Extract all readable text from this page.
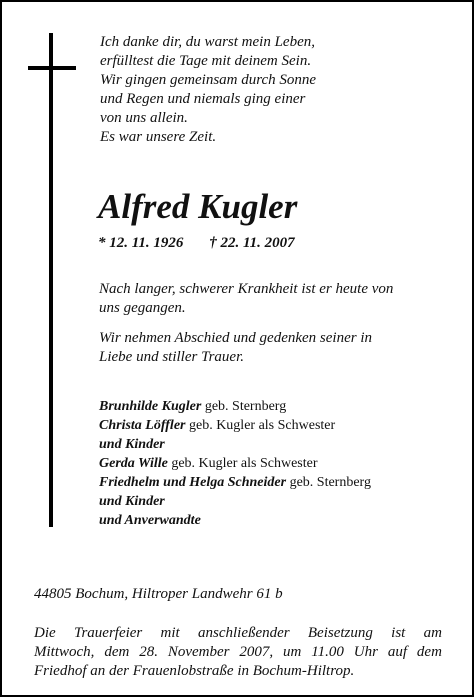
Ich danke dir, du warst mein Leben,
erfülltest die Tage mit deinem Sein.
Wir gingen gemeinsam durch Sonne
und Regen und niemals ging einer
von uns allein.
Es war unsere Zeit.
Alfred Kugler
* 12. 11. 1926 † 22. 11. 2007
Nach langer, schwerer Krankheit ist er heute von
uns gegangen.
Wir nehmen Abschied und gedenken seiner in
Liebe und stiller Trauer.
Brunhilde Kugler geb. Sternberg
Christa Löffler geb. Kugler als Schwester
und Kinder
Gerda Wille geb. Kugler als Schwester
Friedhelm und Helga Schneider geb. Sternberg
und Kinder
und Anverwandte
44805 Bochum, Hiltroper Landwehr 61 b
Die Trauerfeier mit anschließender Beisetzung ist am
Mittwoch, dem 28. November 2007, um 11.00 Uhr auf dem
Friedhof an der Frauenlobstraße in Bochum-Hiltrop.
